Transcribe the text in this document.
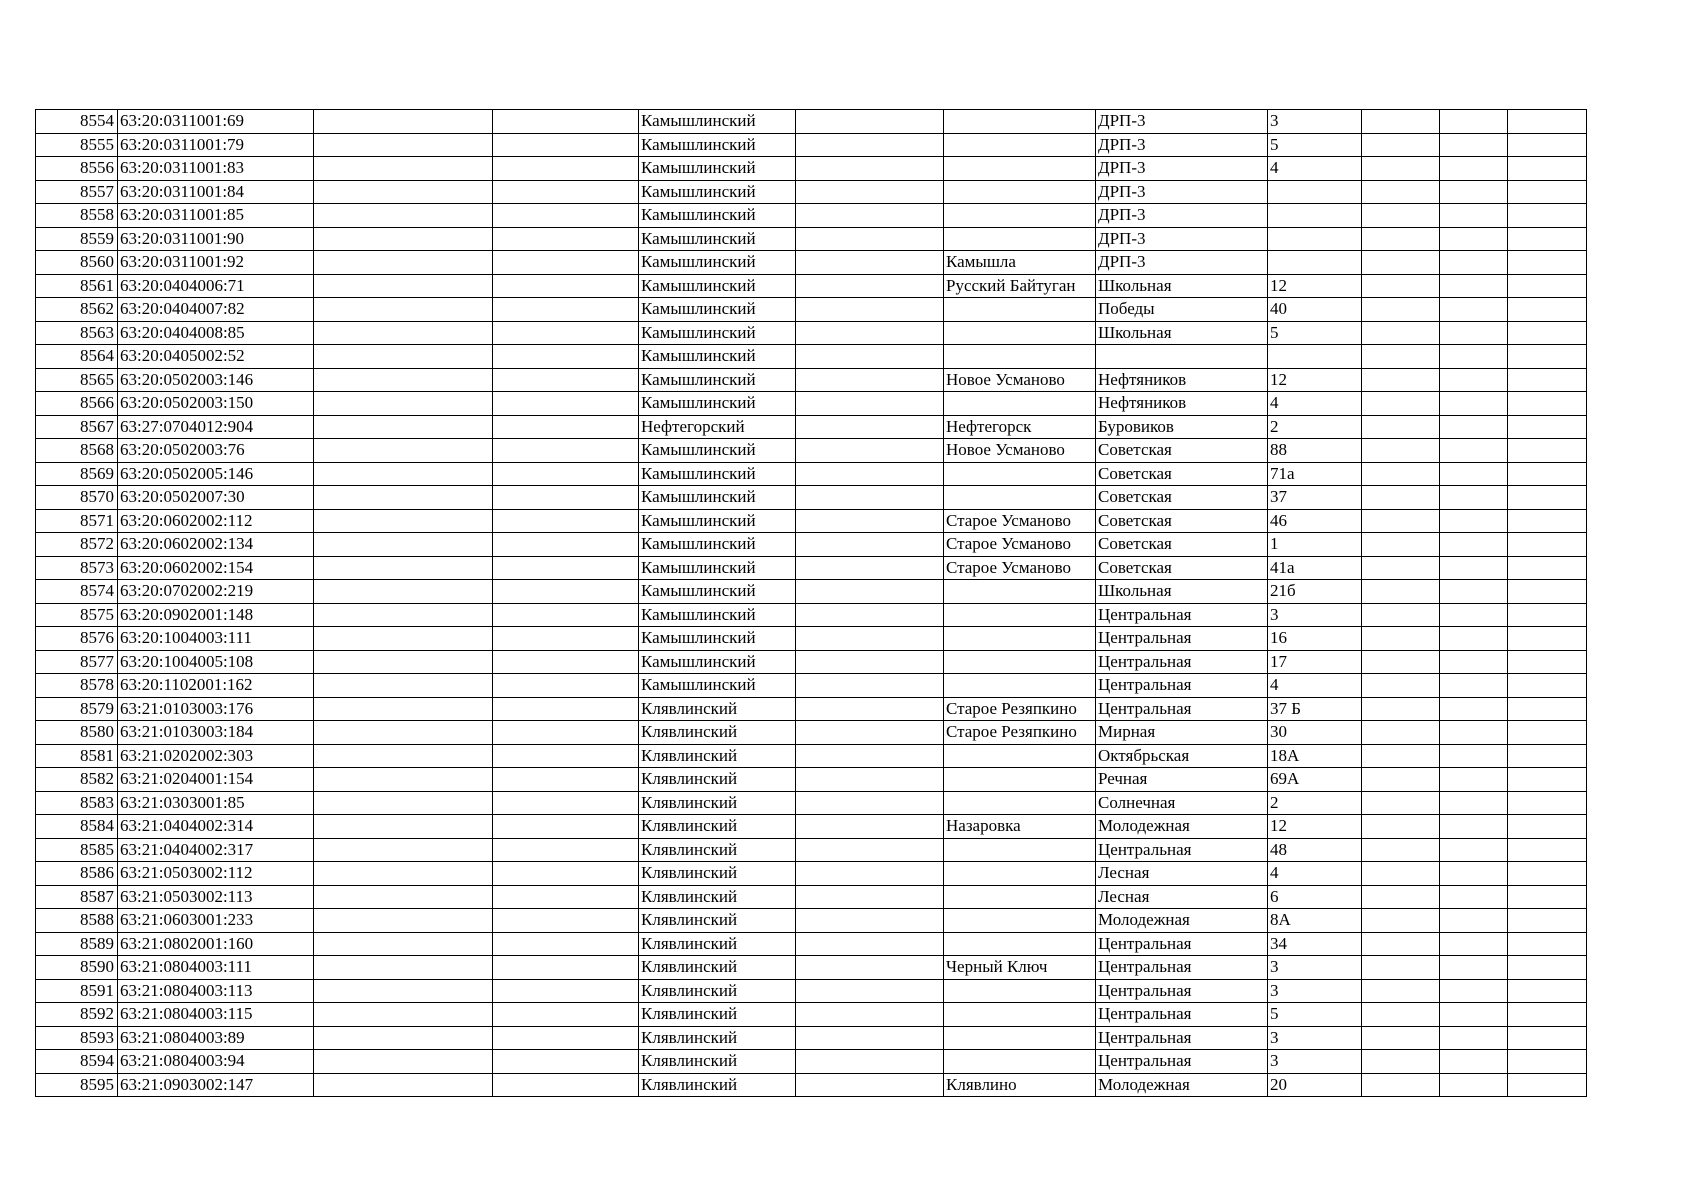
8554	63:20:0311001:69			Камышлинский			ДРП-3	3			
8555	63:20:0311001:79			Камышлинский			ДРП-3	5			
8556	63:20:0311001:83			Камышлинский			ДРП-3	4			
8557	63:20:0311001:84			Камышлинский			ДРП-3				
8558	63:20:0311001:85			Камышлинский			ДРП-3				
8559	63:20:0311001:90			Камышлинский			ДРП-3				
8560	63:20:0311001:92			Камышлинский		Камышла	ДРП-3				
8561	63:20:0404006:71			Камышлинский		Русский Байтуган	Школьная	12			
8562	63:20:0404007:82			Камышлинский			Победы	40			
8563	63:20:0404008:85			Камышлинский			Школьная	5			
8564	63:20:0405002:52			Камышлинский							
8565	63:20:0502003:146			Камышлинский		Новое Усманово	Нефтяников	12			
8566	63:20:0502003:150			Камышлинский			Нефтяников	4			
8567	63:27:0704012:904			Нефтегорский		Нефтегорск	Буровиков	2			
8568	63:20:0502003:76			Камышлинский		Новое Усманово	Советская	88			
8569	63:20:0502005:146			Камышлинский			Советская	71а			
8570	63:20:0502007:30			Камышлинский			Советская	37			
8571	63:20:0602002:112			Камышлинский		Старое Усманово	Советская	46			
8572	63:20:0602002:134			Камышлинский		Старое Усманово	Советская	1			
8573	63:20:0602002:154			Камышлинский		Старое Усманово	Советская	41а			
8574	63:20:0702002:219			Камышлинский			Школьная	21б			
8575	63:20:0902001:148			Камышлинский			Центральная	3			
8576	63:20:1004003:111			Камышлинский			Центральная	16			
8577	63:20:1004005:108			Камышлинский			Центральная	17			
8578	63:20:1102001:162			Камышлинский			Центральная	4			
8579	63:21:0103003:176			Клявлинский		Старое Резяпкино	Центральная	37 Б			
8580	63:21:0103003:184			Клявлинский		Старое Резяпкино	Мирная	30			
8581	63:21:0202002:303			Клявлинский			Октябрьская	18А			
8582	63:21:0204001:154			Клявлинский			Речная	69А			
8583	63:21:0303001:85			Клявлинский			Солнечная	2			
8584	63:21:0404002:314			Клявлинский		Назаровка	Молодежная	12			
8585	63:21:0404002:317			Клявлинский			Центральная	48			
8586	63:21:0503002:112			Клявлинский			Лесная	4			
8587	63:21:0503002:113			Клявлинский			Лесная	6			
8588	63:21:0603001:233			Клявлинский			Молодежная	8А			
8589	63:21:0802001:160			Клявлинский			Центральная	34			
8590	63:21:0804003:111			Клявлинский		Черный Ключ	Центральная	3			
8591	63:21:0804003:113			Клявлинский			Центральная	3			
8592	63:21:0804003:115			Клявлинский			Центральная	5			
8593	63:21:0804003:89			Клявлинский			Центральная	3			
8594	63:21:0804003:94			Клявлинский			Центральная	3			
8595	63:21:0903002:147			Клявлинский		Клявлино	Молодежная	20			
